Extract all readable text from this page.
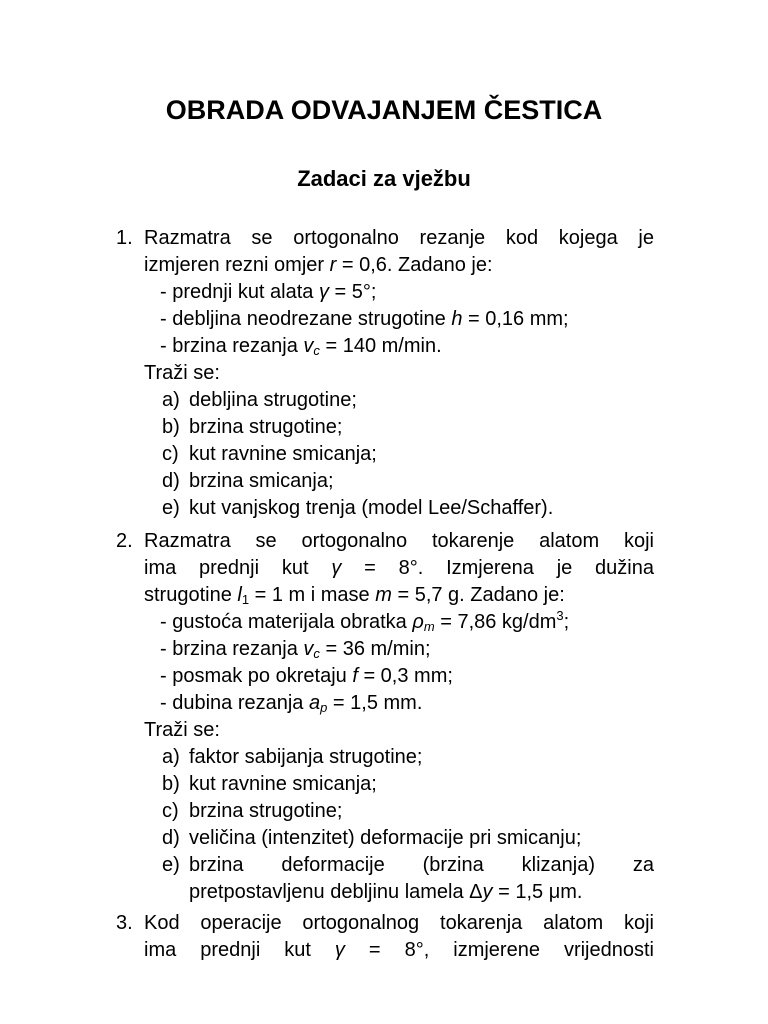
OBRADA ODVAJANJEM ČESTICA
Zadaci za vježbu
1. Razmatra se ortogonalno rezanje kod kojega je
izmjeren rezni omjer r = 0,6. Zadano je:
- prednji kut alata γ = 5°;
- debljina neodrezane strugotine h = 0,16 mm;
- brzina rezanja $v_c = 140$ m/min.
Traži se:
a) debljina strugotine;
b) brzina strugotine;
c) kut ravnine smicanja;
d) brzina smicanja;
e) kut vanjskog trenja (model Lee/Schaffer).
2. Razmatra se ortogonalno tokarenje alatom koji
ima prednji kut γ = 8°. Izmjerena je dužina
strugotine $l_1 = 1$ m i mase m = 5,7 g. Zadano je:
- gustoća materijala obratka $\rho_m = 7,86$ $kg/dm^3$;
- brzina rezanja $v_c = 36$ m/min;
- posmak po okretaju f = 0,3 mm;
- dubina rezanja $a_p = 1,5$ mm.
Traži se:
a) faktor sabijanja strugotine;
b) kut ravnine smicanja;
c) brzina strugotine;
d) veličina (intenzitet) deformacije pri smicanju;
e) brzina deformacije (brzina klizanja) za
pretpostavljenu debljinu lamela Δy = 1,5 μm.
3. Kod operacije ortogonalnog tokarenja alatom koji
ima prednji kut γ = 8°, izmjerene vrijednosti
